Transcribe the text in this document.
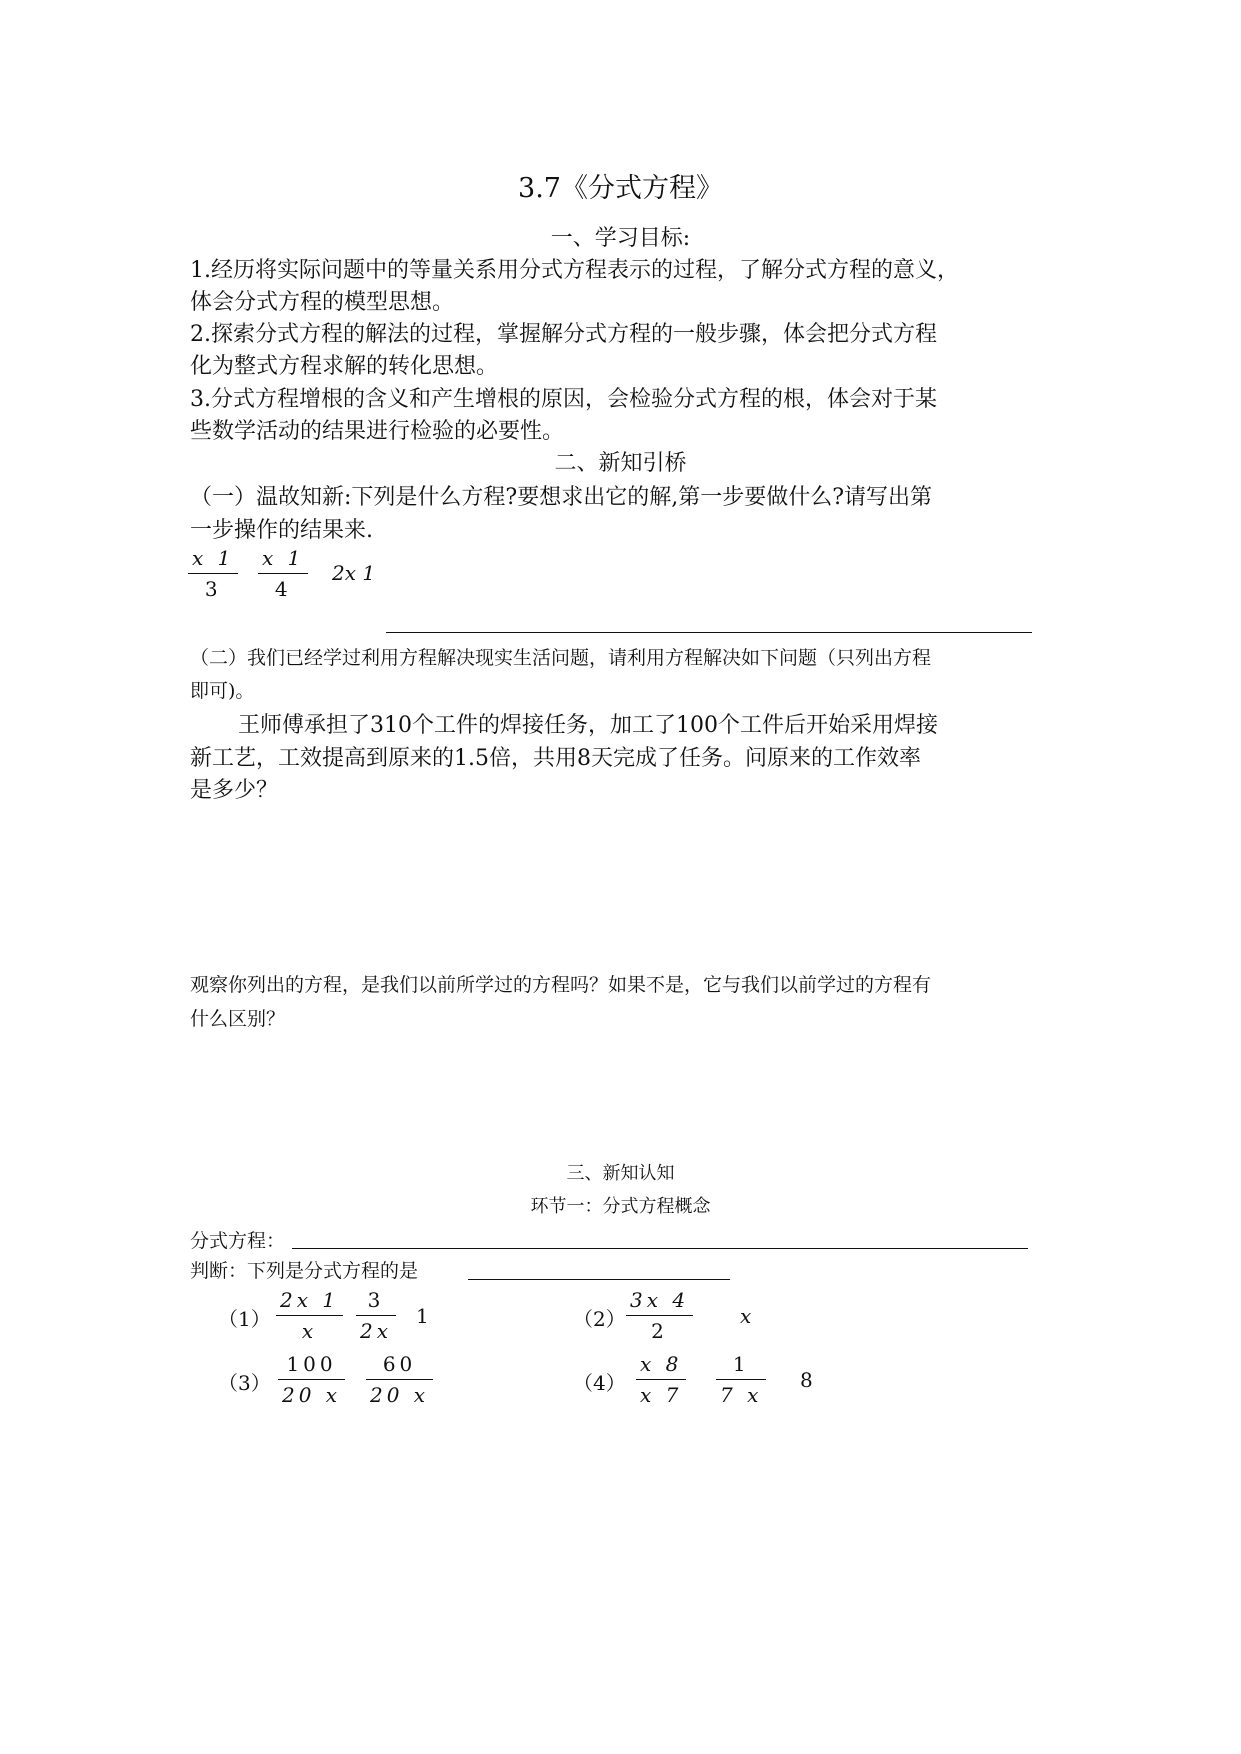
3.7《分式方程》
一、学习目标:
1.经历将实际问题中的等量关系用分式方程表示的过程，了解分式方程的意义，
体会分式方程的模型思想。
2.探索分式方程的解法的过程，掌握解分式方程的一般步骤，体会把分式方程
化为整式方程求解的转化思想。
3.分式方程增根的含义和产生增根的原因，会检验分式方程的根，体会对于某
些数学活动的结果进行检验的必要性。
二、新知引桥
（一）温故知新:下列是什么方程?要想求出它的解,第一步要做什么?请写出第
一步操作的结果来.
x 1
3
x 1
4
2x 1
（二）我们已经学过利用方程解决现实生活问题，请利用方程解决如下问题（只列出方程
即可)。
王师傅承担了310个工件的焊接任务，加工了100个工件后开始采用焊接
新工艺，工效提高到原来的1.5倍，共用8天完成了任务。问原来的工作效率
是多少？
观察你列出的方程，是我们以前所学过的方程吗？如果不是，它与我们以前学过的方程有
什么区别？
三、新知认知
环节一：分式方程概念
分式方程：
判断：下列是分式方程的是
（1）
2x 1
x
3
2x
1	（2）
3x 4
2
x
（3）
100
20 x
60
20 x	（4）
x 8
x 7
1
7 x
8
